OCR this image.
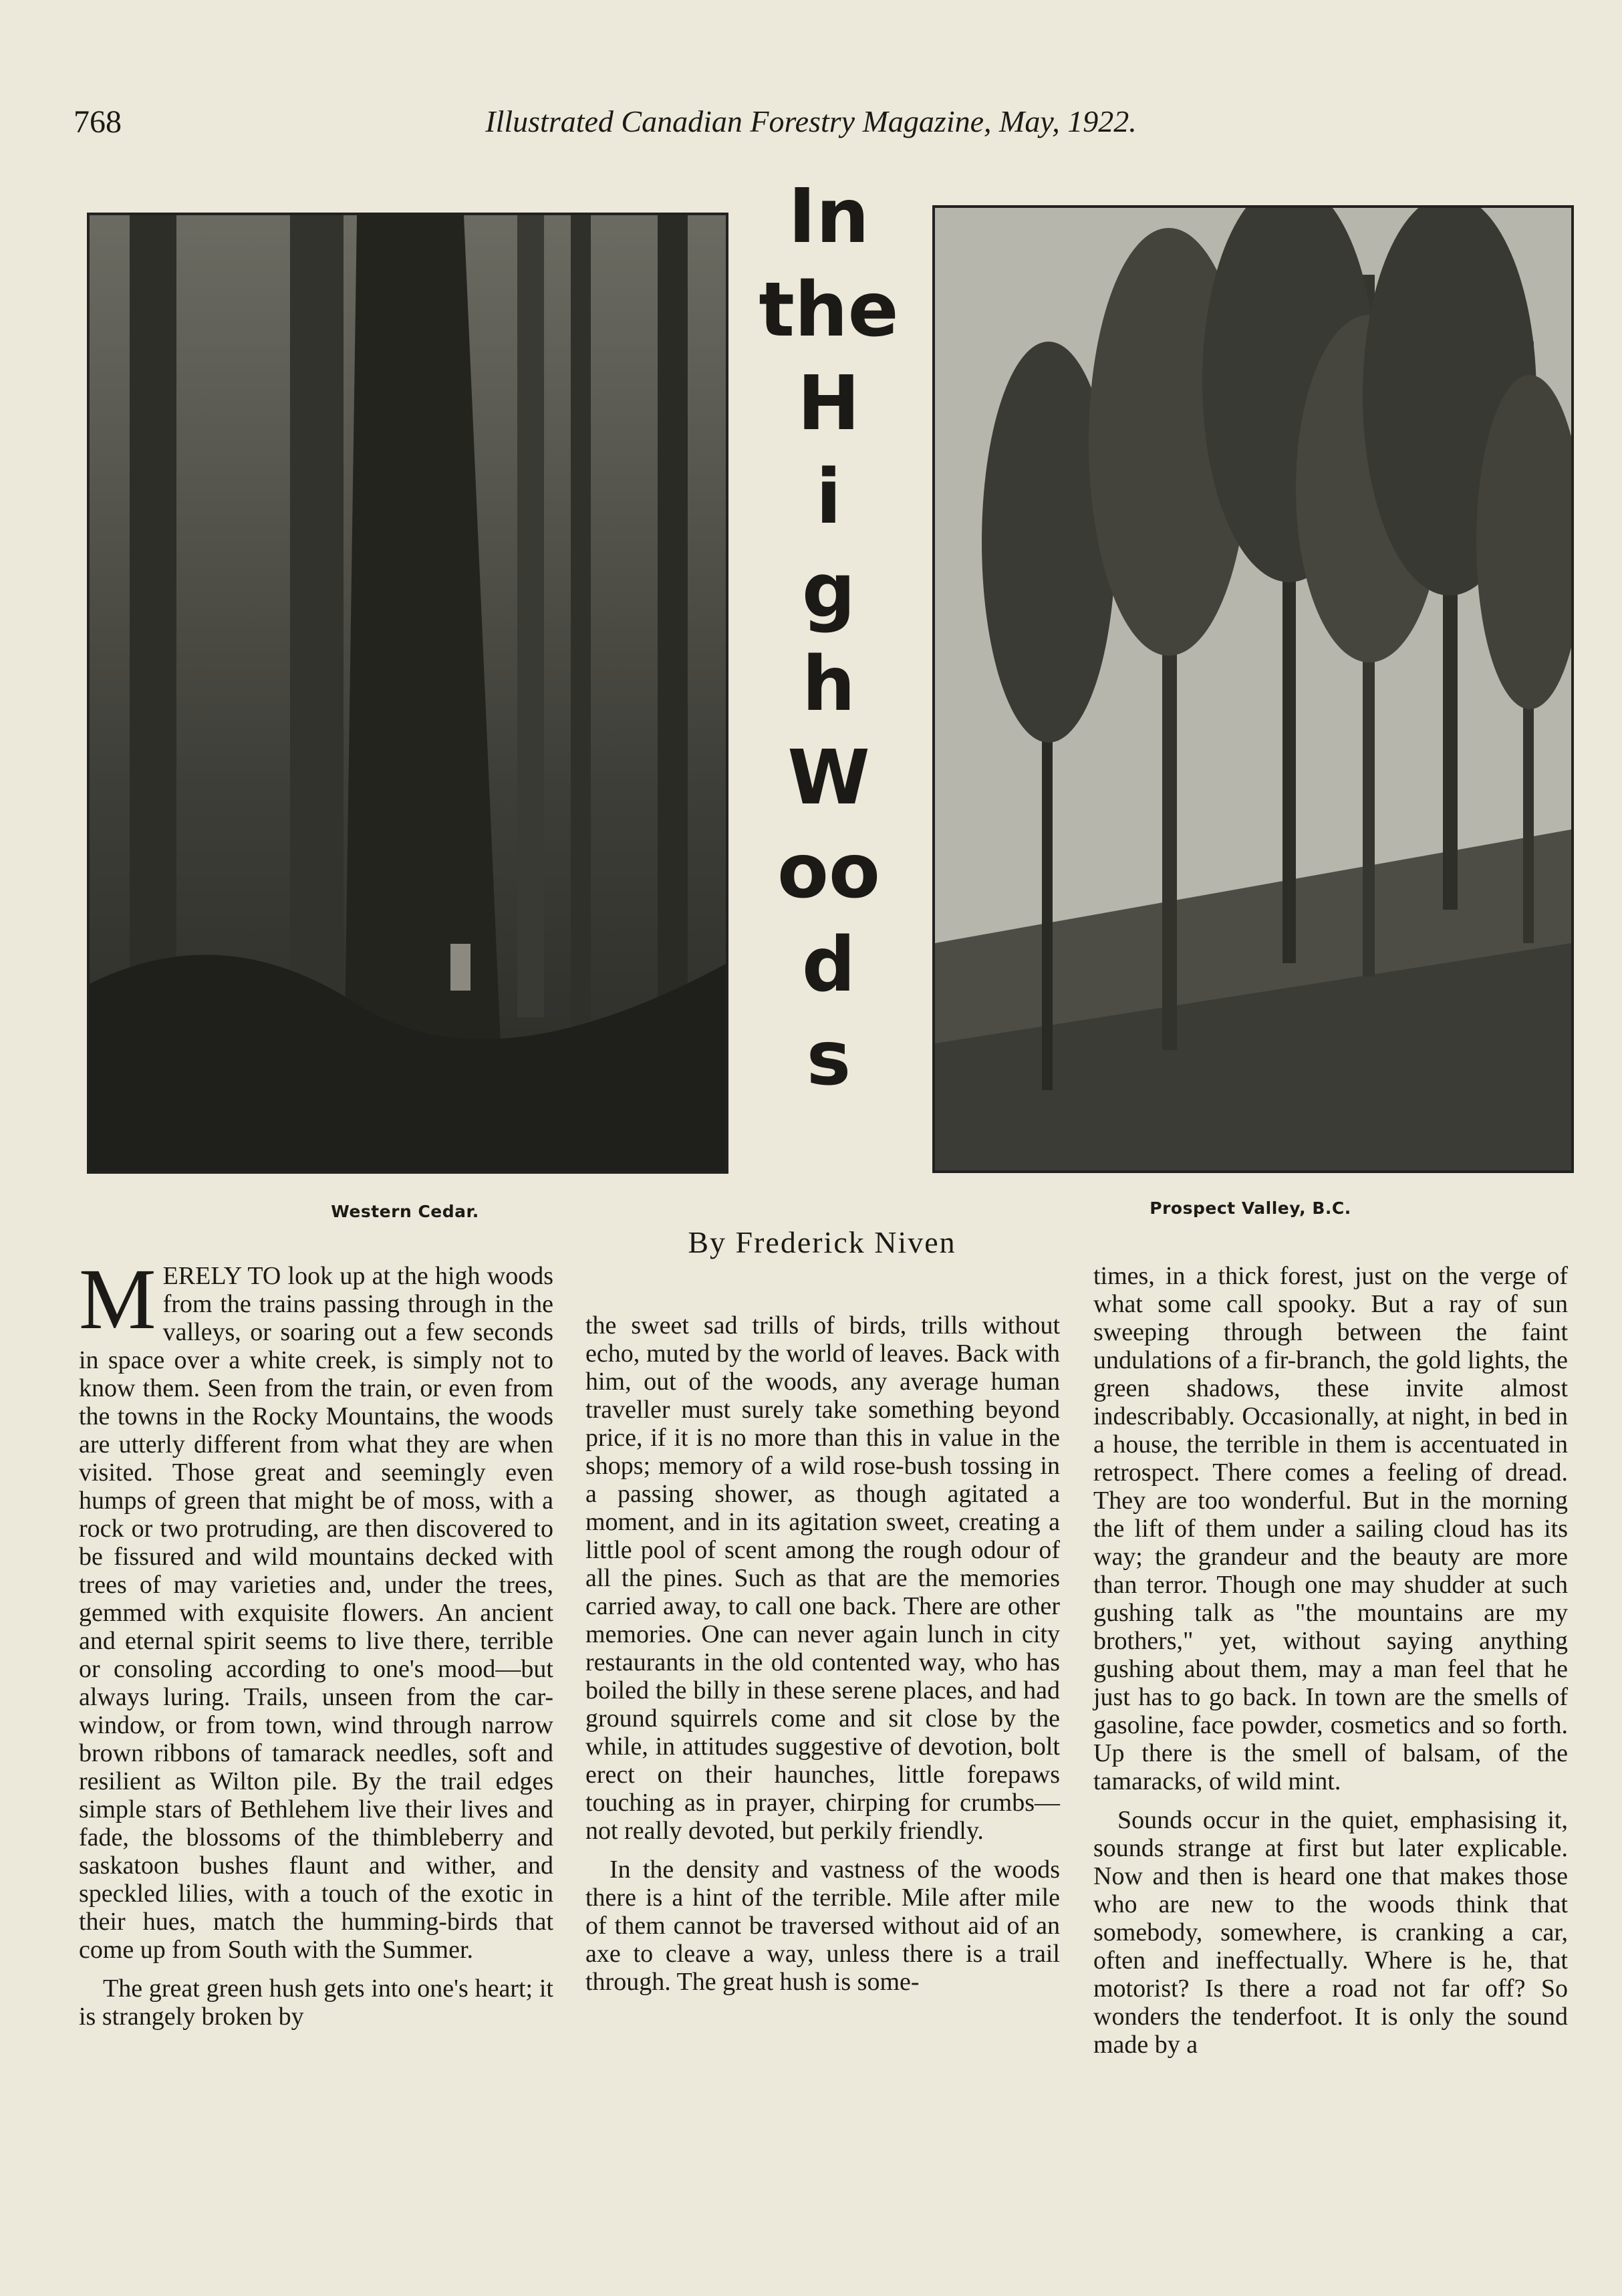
768	Illustrated Canadian Forestry Magazine, May, 1922.
Western Cedar.	Prospect Valley, B.C.
In
the
H
i
g
h
W
oo
d
s
By Frederick Niven

MERELY TO look up at the high woods from the trains passing through in the valleys, or soaring out a few seconds in space over a white creek, is simply not to know them. Seen from the train, or even from the towns in the Rocky Mountains, the woods are utterly different from what they are when visited. Those great and seemingly even humps of green that might be of moss, with a rock or two protruding, are then discovered to be fissured and wild mountains decked with trees of may varieties and, under the trees, gemmed with exquisite flowers. An ancient and eternal spirit seems to live there, terrible or consoling according to one's mood—but always luring. Trails, unseen from the car-window, or from town, wind through narrow brown ribbons of tamarack needles, soft and resilient as Wilton pile. By the trail edges simple stars of Bethlehem live their lives and fade, the blossoms of the thimbleberry and saskatoon bushes flaunt and wither, and speckled lilies, with a touch of the exotic in their hues, match the humming-birds that come up from South with the Summer.

The great green hush gets into one's heart; it is strangely broken by

the sweet sad trills of birds, trills without echo, muted by the world of leaves. Back with him, out of the woods, any average human traveller must surely take something beyond price, if it is no more than this in value in the shops; memory of a wild rose-bush tossing in a passing shower, as though agitated a moment, and in its agitation sweet, creating a little pool of scent among the rough odour of all the pines. Such as that are the memories carried away, to call one back. There are other memories. One can never again lunch in city restaurants in the old contented way, who has boiled the billy in these serene places, and had ground squirrels come and sit close by the while, in attitudes suggestive of devotion, bolt erect on their haunches, little forepaws touching as in prayer, chirping for crumbs—not really devoted, but perkily friendly.

In the density and vastness of the woods there is a hint of the terrible. Mile after mile of them cannot be traversed without aid of an axe to cleave a way, unless there is a trail through. The great hush is some-

times, in a thick forest, just on the verge of what some call spooky. But a ray of sun sweeping through between the faint undulations of a fir-branch, the gold lights, the green shadows, these invite almost indescribably. Occasionally, at night, in bed in a house, the terrible in them is accentuated in retrospect. There comes a feeling of dread. They are too wonderful. But in the morning the lift of them under a sailing cloud has its way; the grandeur and the beauty are more than terror. Though one may shudder at such gushing talk as "the mountains are my brothers," yet, without saying anything gushing about them, may a man feel that he just has to go back. In town are the smells of gasoline, face powder, cosmetics and so forth. Up there is the smell of balsam, of the tamaracks, of wild mint.

Sounds occur in the quiet, emphasising it, sounds strange at first but later explicable. Now and then is heard one that makes those who are new to the woods think that somebody, somewhere, is cranking a car, often and ineffectually. Where is he, that motorist? Is there a road not far off? So wonders the tenderfoot. It is only the sound made by a
